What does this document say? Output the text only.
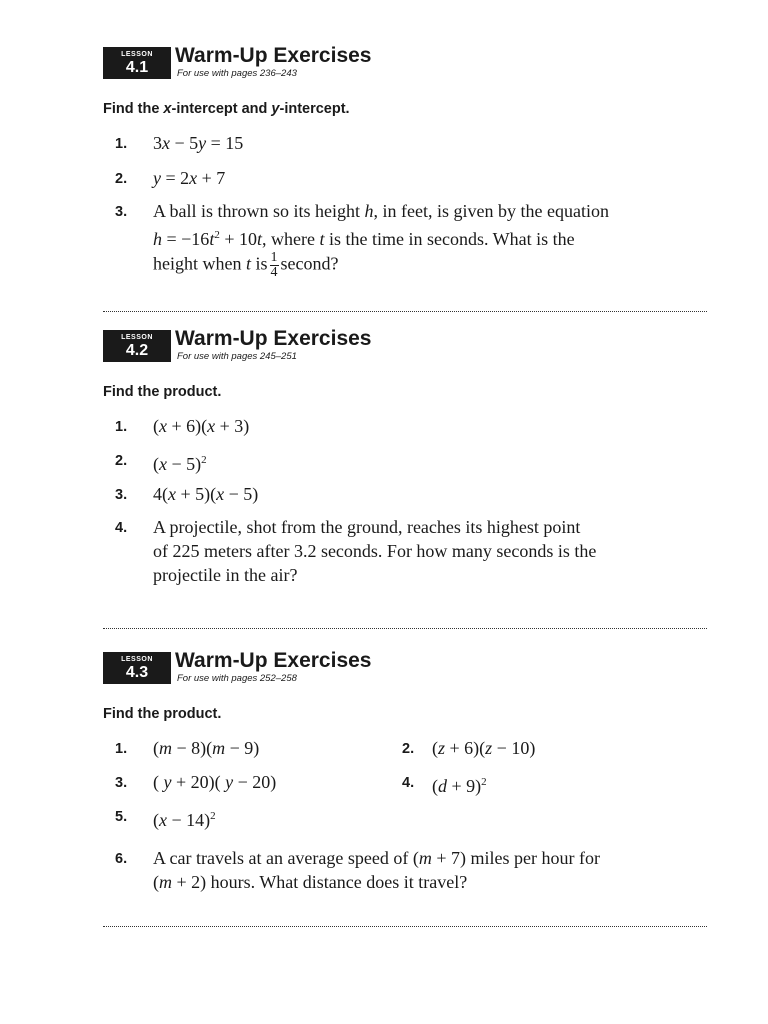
LESSON
4.1
Warm-Up Exercises
For use with pages 236–243
Find the x-intercept and y-intercept.
1.	3x − 5y = 15
2.	y = 2x + 7
3.	A ball is thrown so its height h, in feet, is given by the equation
$h = -16t^2 + 10t$, where t is the time in seconds. What is the
height when t is $\frac{1}{4}$ second?
LESSON
4.2
Warm-Up Exercises
For use with pages 245–251
Find the product.
1.	(x + 6)(x + 3)
2.	$(x - 5)^2$
3.	4(x + 5)(x − 5)
4.	A projectile, shot from the ground, reaches its highest point
of 225 meters after 3.2 seconds. For how many seconds is the
projectile in the air?
LESSON
4.3
Warm-Up Exercises
For use with pages 252–258
Find the product.
1.	(m − 8)(m − 9)	2. (z + 6)(z − 10)
3.	( y + 20)( y − 20)	4. $(d + 9)^2$
5.	$(x - 14)^2$
6.	A car travels at an average speed of (m + 7) miles per hour for
(m + 2) hours. What distance does it travel?
